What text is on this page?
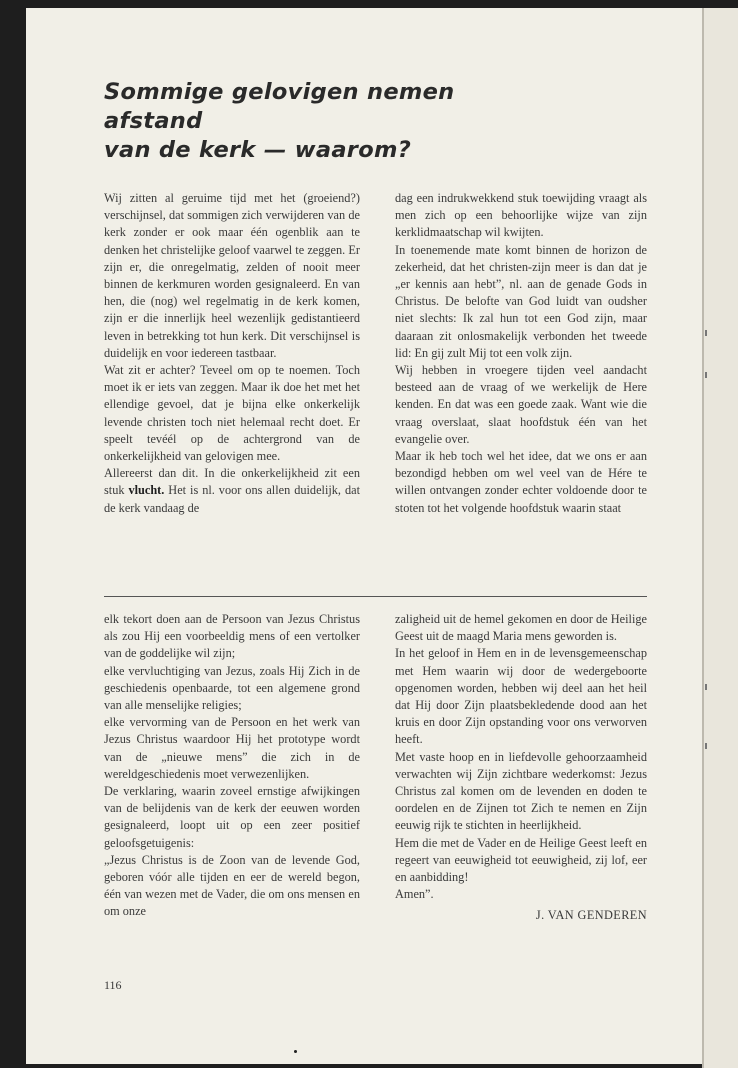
Sommige gelovigen nemen afstand
van de kerk — waarom?

Wij zitten al geruime tijd met het (groeiend?) verschijnsel, dat sommigen zich verwijderen van de kerk zonder er ook maar één ogenblik aan te denken het christelijke geloof vaarwel te zeggen. Er zijn er, die onregelmatig, zelden of nooit meer binnen de kerkmuren worden gesignaleerd. En van hen, die (nog) wel regelmatig in de kerk komen, zijn er die innerlijk heel wezenlijk gedistantieerd leven in betrekking tot hun kerk. Dit verschijnsel is duidelijk en voor iedereen tastbaar.

Wat zit er achter? Teveel om op te noemen. Toch moet ik er iets van zeggen. Maar ik doe het met het ellendige gevoel, dat je bijna elke onkerkelijk levende christen toch niet helemaal recht doet. Er speelt tevéél op de achtergrond van de onkerkelijkheid van gelovigen mee.

Allereerst dan dit. In die onkerkelijkheid zit een stuk vlucht. Het is nl. voor ons allen duidelijk, dat de kerk vandaag de

dag een indrukwekkend stuk toewijding vraagt als men zich op een behoorlijke wijze van zijn kerklidmaatschap wil kwijten.

In toenemende mate komt binnen de horizon de zekerheid, dat het christen-zijn meer is dan dat je „er kennis aan hebt”, nl. aan de genade Gods in Christus. De belofte van God luidt van oudsher niet slechts: Ik zal hun tot een God zijn, maar daaraan zit onlosmakelijk verbonden het tweede lid: En gij zult Mij tot een volk zijn.

Wij hebben in vroegere tijden veel aandacht besteed aan de vraag of we werkelijk de Here kenden. En dat was een goede zaak. Want wie die vraag overslaat, slaat hoofdstuk één van het evangelie over.

Maar ik heb toch wel het idee, dat we ons er aan bezondigd hebben om wel veel van de Hére te willen ontvangen zonder echter voldoende door te stoten tot het volgende hoofdstuk waarin staat

elk tekort doen aan de Persoon van Jezus Christus als zou Hij een voorbeeldig mens of een vertolker van de goddelijke wil zijn;

elke vervluchtiging van Jezus, zoals Hij Zich in de geschiedenis openbaarde, tot een algemene grond van alle menselijke religies;

elke vervorming van de Persoon en het werk van Jezus Christus waardoor Hij het prototype wordt van de „nieuwe mens” die zich in de wereldgeschiedenis moet verwezenlijken.

De verklaring, waarin zoveel ernstige afwijkingen van de belijdenis van de kerk der eeuwen worden gesignaleerd, loopt uit op een zeer positief geloofsgetuigenis:

„Jezus Christus is de Zoon van de levende God, geboren vóór alle tijden en eer de wereld begon, één van wezen met de Vader, die om ons mensen en om onze

zaligheid uit de hemel gekomen en door de Heilige Geest uit de maagd Maria mens geworden is.

In het geloof in Hem en in de levensgemeenschap met Hem waarin wij door de wedergeboorte opgenomen worden, hebben wij deel aan het heil dat Hij door Zijn plaatsbekledende dood aan het kruis en door Zijn opstanding voor ons verworven heeft.

Met vaste hoop en in liefdevolle gehoorzaamheid verwachten wij Zijn zichtbare wederkomst: Jezus Christus zal komen om de levenden en doden te oordelen en de Zijnen tot Zich te nemen en Zijn eeuwig rijk te stichten in heerlijkheid.

Hem die met de Vader en de Heilige Geest leeft en regeert van eeuwigheid tot eeuwigheid, zij lof, eer en aanbidding!

Amen”.

J. VAN GENDEREN

116
